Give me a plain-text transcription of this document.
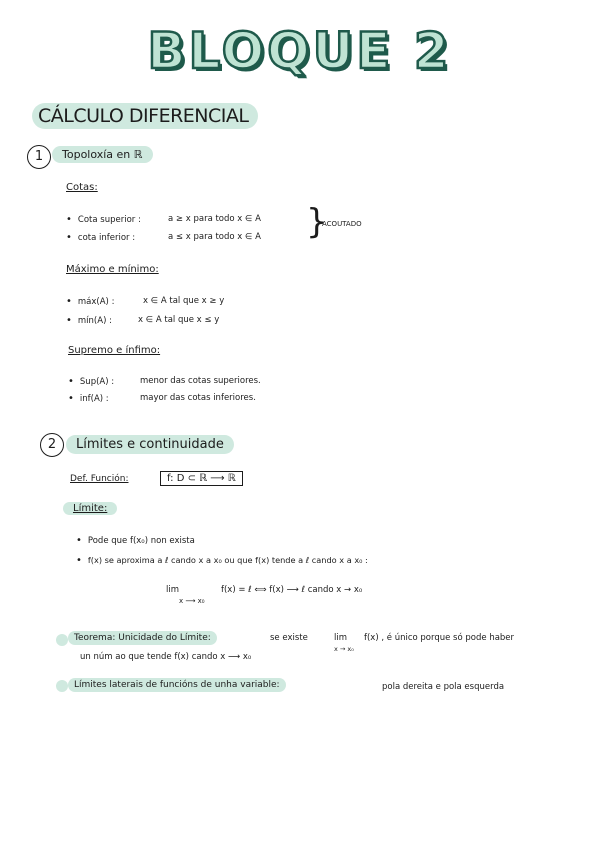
BLOQUE 2
CÁLCULO DIFERENCIAL
1	Topoloxía en ℝ
Cotas:
• Cota superior :	a ≥ x para todo x ∈ A
• cota inferior :	a ≤ x para todo x ∈ A }
ACOUTADO
Máximo e mínimo:
• máx(A) :	x ∈ A tal que x ≥ y
• mín(A) :	x ∈ A tal que x ≤ y
Supremo e ínfimo:
• Sup(A) :	menor das cotas superiores.
• inf(A) :	mayor das cotas inferiores.
2	Límites e continuidade
Def. Función:	f: D ⊂ ℝ ⟶ ℝ
Límite:
• Pode que f(x₀) non exista
• f(x) se aproxima a ℓ cando x a x₀ ou que f(x) tende a ℓ cando x a x₀ :
lim
x ⟶ x₀
f(x) = ℓ ⟺ f(x) ⟶ ℓ cando x → x₀
Teorema: Unicidade do Límite:	se existe	lim
x → x₀
f(x) , é único porque só pode haber
un núm ao que tende f(x) cando x ⟶ x₀
Límites laterais de funcións de unha variable:	pola dereita e pola esquerda
